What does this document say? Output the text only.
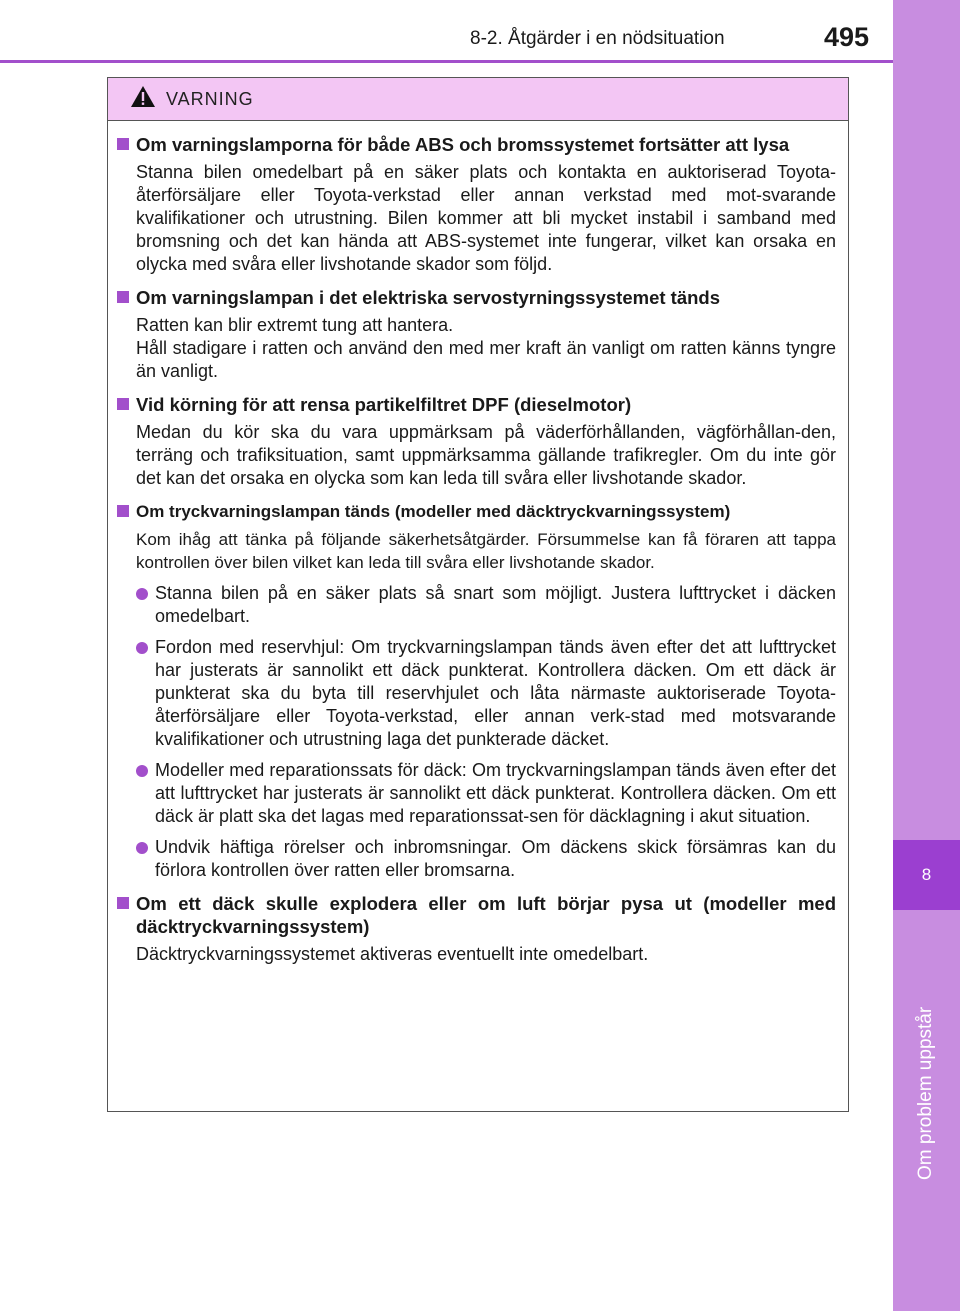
8-2. Åtgärder i en nödsituation	495
8
Om problem uppstår
VARNING
Om varningslamporna för både ABS och bromssystemet fortsätter att lysa

Stanna bilen omedelbart på en säker plats och kontakta en auktoriserad Toyota-återförsäljare eller Toyota-verkstad eller annan verkstad med mot-svarande kvalifikationer och utrustning. Bilen kommer att bli mycket instabil i samband med bromsning och det kan hända att ABS-systemet inte fungerar, vilket kan orsaka en olycka med svåra eller livshotande skador som följd.

Om varningslampan i det elektriska servostyrningssystemet tänds

Ratten kan blir extremt tung att hantera.

Håll stadigare i ratten och använd den med mer kraft än vanligt om ratten känns tyngre än vanligt.

Vid körning för att rensa partikelfiltret DPF (dieselmotor)

Medan du kör ska du vara uppmärksam på väderförhållanden, vägförhållan-den, terräng och trafiksituation, samt uppmärksamma gällande trafikregler. Om du inte gör det kan det orsaka en olycka som kan leda till svåra eller livshotande skador.

Om tryckvarningslampan tänds (modeller med däcktryckvarningssystem)

Kom ihåg att tänka på följande säkerhetsåtgärder. Försummelse kan få föraren att tappa kontrollen över bilen vilket kan leda till svåra eller livshotande skador.

Stanna bilen på en säker plats så snart som möjligt. Justera lufttrycket i däcken omedelbart.
Fordon med reservhjul: Om tryckvarningslampan tänds även efter det att lufttrycket har justerats är sannolikt ett däck punkterat. Kontrollera däcken. Om ett däck är punkterat ska du byta till reservhjulet och låta närmaste auktoriserade Toyota-återförsäljare eller Toyota-verkstad, eller annan verk-stad med motsvarande kvalifikationer och utrustning laga det punkterade däcket.
Modeller med reparationssats för däck: Om tryckvarningslampan tänds även efter det att lufttrycket har justerats är sannolikt ett däck punkterat. Kontrollera däcken. Om ett däck är platt ska det lagas med reparationssat-sen för däcklagning i akut situation.
Undvik häftiga rörelser och inbromsningar. Om däckens skick försämras kan du förlora kontrollen över ratten eller bromsarna.
Om ett däck skulle explodera eller om luft börjar pysa ut (modeller med däcktryckvarningssystem)

Däcktryckvarningssystemet aktiveras eventuellt inte omedelbart.
